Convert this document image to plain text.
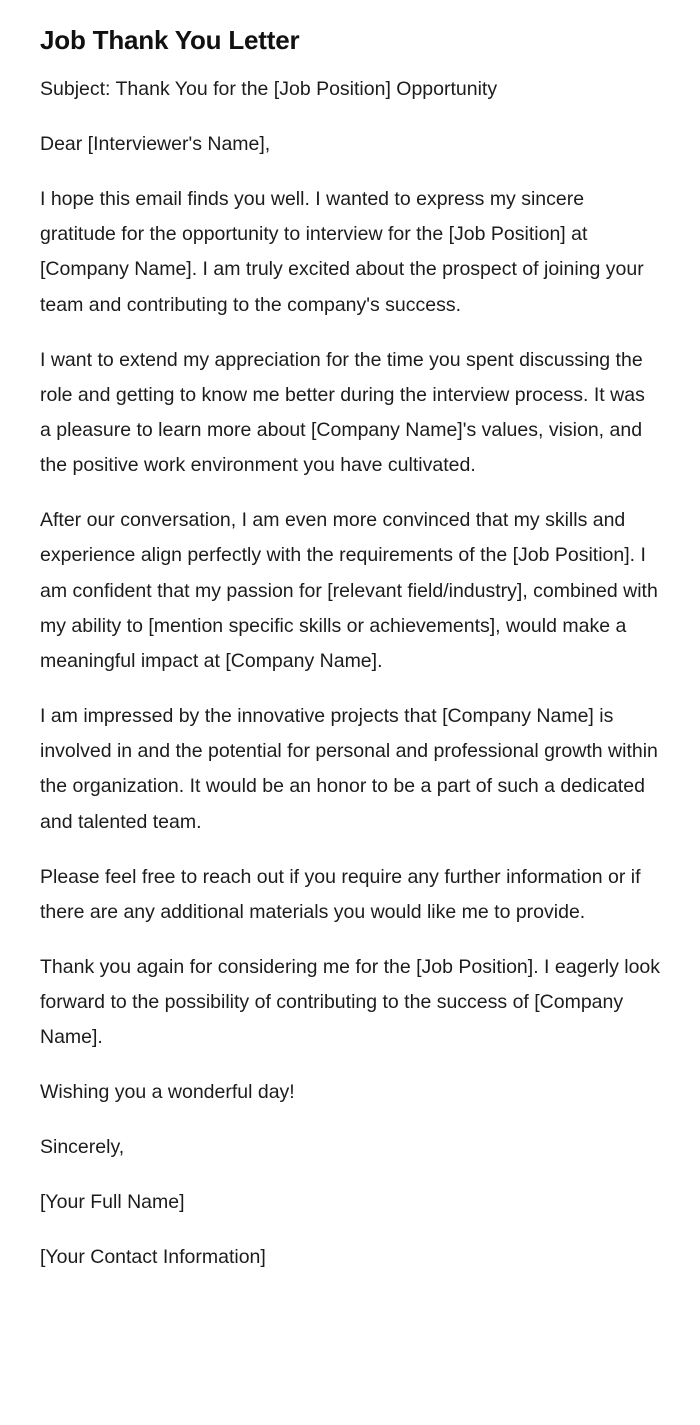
Job Thank You Letter

Subject: Thank You for the [Job Position] Opportunity

Dear [Interviewer's Name],

I hope this email finds you well. I wanted to express my sincere gratitude for the opportunity to interview for the [Job Position] at [Company Name]. I am truly excited about the prospect of joining your team and contributing to the company's success.

I want to extend my appreciation for the time you spent discussing the role and getting to know me better during the interview process. It was a pleasure to learn more about [Company Name]'s values, vision, and the positive work environment you have cultivated.

After our conversation, I am even more convinced that my skills and experience align perfectly with the requirements of the [Job Position]. I am confident that my passion for [relevant field/industry], combined with my ability to [mention specific skills or achievements], would make a meaningful impact at [Company Name].

I am impressed by the innovative projects that [Company Name] is involved in and the potential for personal and professional growth within the organization. It would be an honor to be a part of such a dedicated and talented team.

Please feel free to reach out if you require any further information or if there are any additional materials you would like me to provide.

Thank you again for considering me for the [Job Position]. I eagerly look forward to the possibility of contributing to the success of [Company Name].

Wishing you a wonderful day!

Sincerely,

[Your Full Name]

[Your Contact Information]
